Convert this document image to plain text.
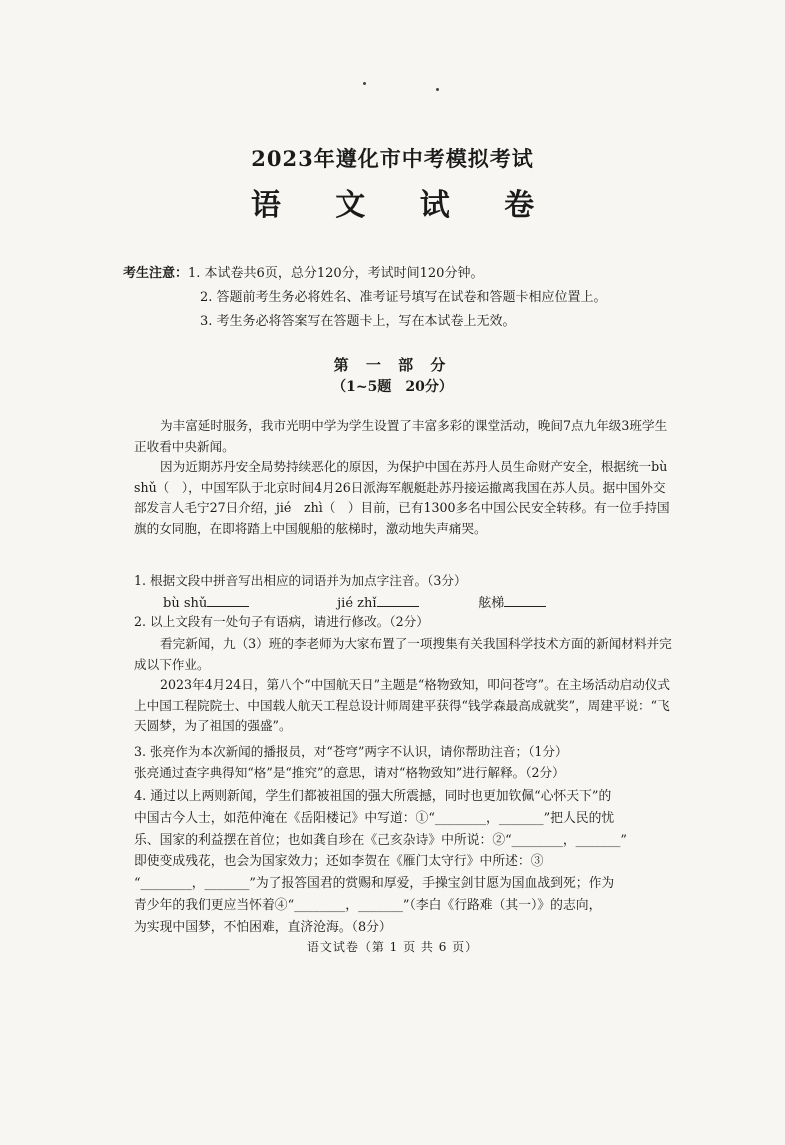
2023年遵化市中考模拟考试
语 文 试 卷
考生注意：1. 本试卷共6页，总分120分，考试时间120分钟。
2. 答题前考生务必将姓名、准考证号填写在试卷和答题卡相应位置上。
3. 考生务必将答案写在答题卡上，写在本试卷上无效。
第 一 部 分
（1~5题　20分）

为丰富延时服务，我市光明中学为学生设置了丰富多彩的课堂活动，晚间7点九年级3班学生正收看中央新闻。

因为近期苏丹安全局势持续恶化的原因，为保护中国在苏丹人员生命财产安全，根据统一bù　shǔ（　），中国军队于北京时间4月26日派海军舰艇赴苏丹接运撤离我国在苏人员。据中国外交部发言人毛宁27日介绍，jié　zhì（　）目前，已有1300多名中国公民安全转移。有一位手持国旗的女同胞，在即将踏上中国舰船的舷梯时，激动地失声痛哭。

1. 根据文段中拼音写出相应的词语并为加点字注音。（3分）
bù shǔ	jié zhǐ	舷梯
2. 以上文段有一处句子有语病，请进行修改。（2分）

看完新闻，九（3）班的李老师为大家布置了一项搜集有关我国科学技术方面的新闻材料并完成以下作业。

2023年4月24日，第八个“中国航天日”主题是“格物致知，叩问苍穹”。在主场活动启动仪式上中国工程院院士、中国载人航天工程总设计师周建平获得“钱学森最高成就奖”，周建平说：“飞天圆梦，为了祖国的强盛”。

3. 张亮作为本次新闻的播报员，对“苍穹”两字不认识，请你帮助注音；（1分）
张亮通过查字典得知“格”是“推究”的意思，请对“格物致知”进行解释。（2分）
4. 通过以上两则新闻，学生们都被祖国的强大所震撼，同时也更加钦佩“心怀天下”的
中国古今人士，如范仲淹在《岳阳楼记》中写道：①“________，_______”把人民的忧
乐、国家的利益摆在首位；也如龚自珍在《己亥杂诗》中所说：②“________，_______”
即使变成残花，也会为国家效力；还如李贺在《雁门太守行》中所述：③
“________，_______”为了报答国君的赏赐和厚爱，手操宝剑甘愿为国血战到死；作为
青少年的我们更应当怀着④“________，_______”（李白《行路难（其一）》的志向，
为实现中国梦，不怕困难，直济沧海。（8分）
语文试卷（第 1 页 共 6 页）
